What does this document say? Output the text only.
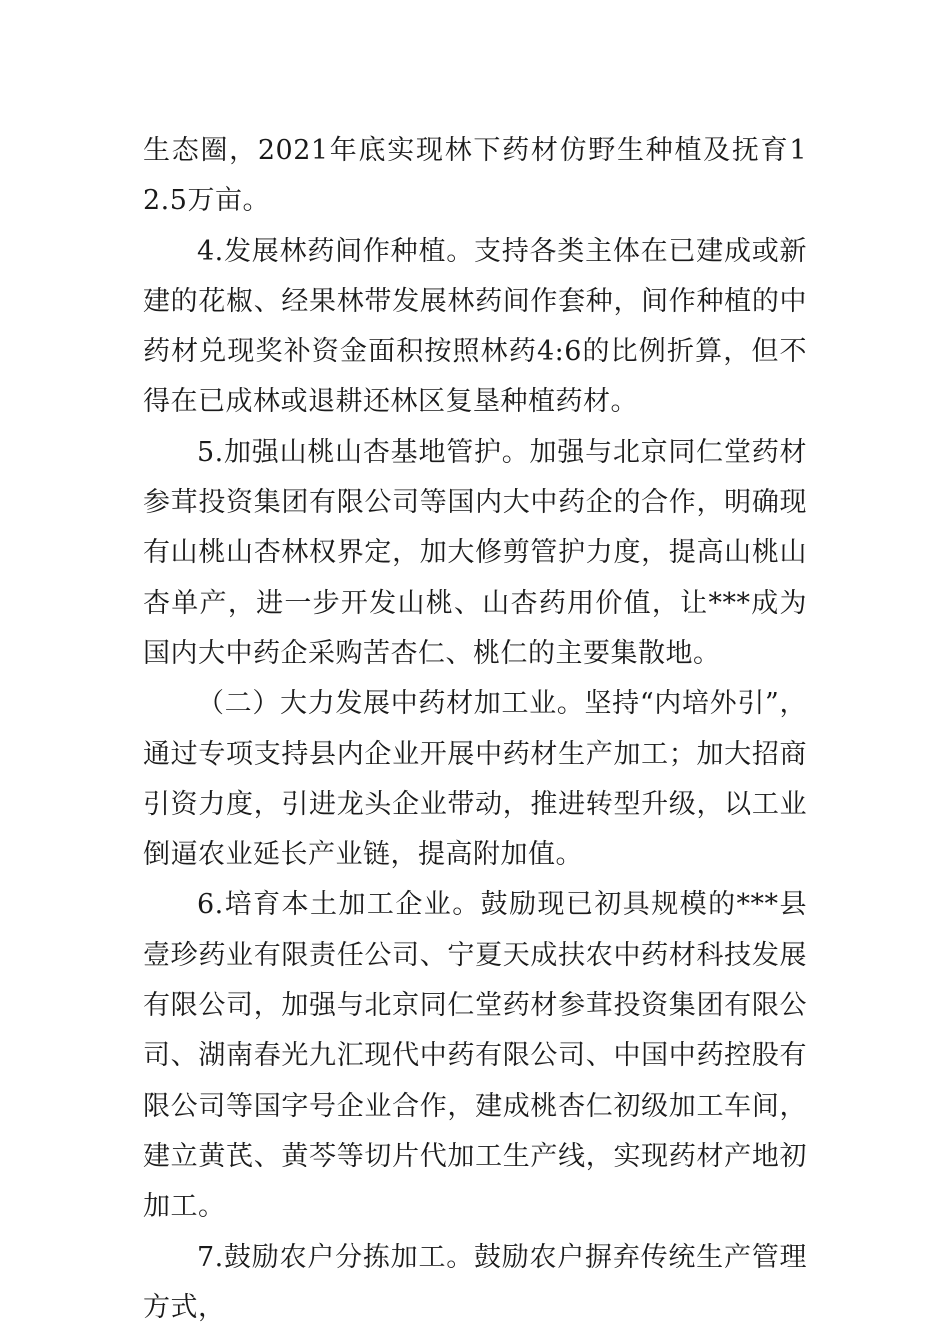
生态圈，2021年底实现林下药材仿野生种植及抚育12.5万亩。

4.发展林药间作种植。支持各类主体在已建成或新建的花椒、经果林带发展林药间作套种，间作种植的中药材兑现奖补资金面积按照林药4:6的比例折算，但不得在已成林或退耕还林区复垦种植药材。

5.加强山桃山杏基地管护。加强与北京同仁堂药材参茸投资集团有限公司等国内大中药企的合作，明确现有山桃山杏林权界定，加大修剪管护力度，提高山桃山杏单产，进一步开发山桃、山杏药用价值，让***成为国内大中药企采购苦杏仁、桃仁的主要集散地。

（二）大力发展中药材加工业。坚持“内培外引”，通过专项支持县内企业开展中药材生产加工；加大招商引资力度，引进龙头企业带动，推进转型升级，以工业倒逼农业延长产业链，提高附加值。

6.培育本土加工企业。鼓励现已初具规模的***县壹珍药业有限责任公司、宁夏天成扶农中药材科技发展有限公司，加强与北京同仁堂药材参茸投资集团有限公司、湖南春光九汇现代中药有限公司、中国中药控股有限公司等国字号企业合作，建成桃杏仁初级加工车间，建立黄芪、黄芩等切片代加工生产线，实现药材产地初加工。

7.鼓励农户分拣加工。鼓励农户摒弃传统生产管理方式，
